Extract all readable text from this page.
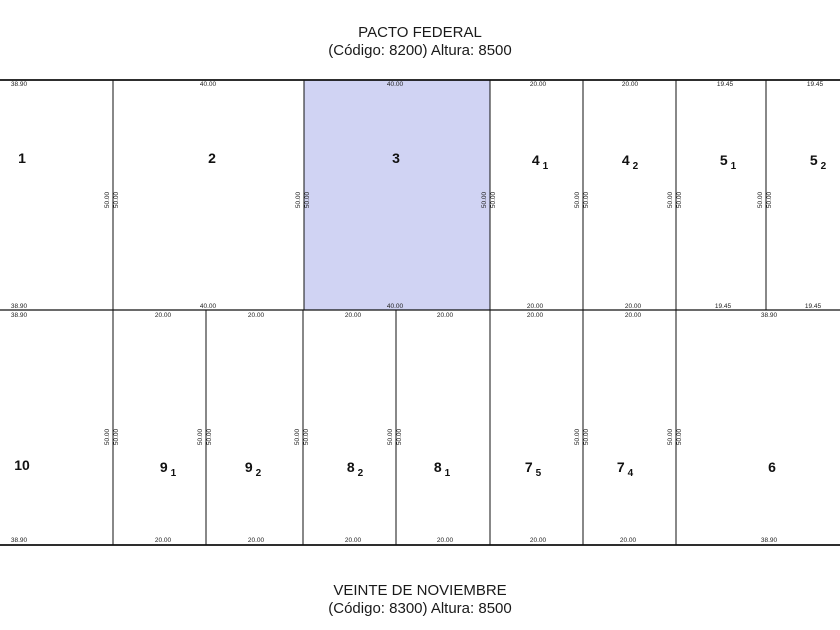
PACTO FEDERAL
(Código: 8200) Altura: 8500
1	2	3	4 $_1$	4 $_2$	5 $_1$	5 $_2$
10	9 $_1$	9 $_2$	8 $_2$	8 $_1$	7 $_5$	7 $_4$	6
38.90	40.00	40.00	20.00	20.00	19.45	19.45
38.90	40.00	40.00	20.00	20.00	19.45	19.45
38.90	20.00	20.00	20.00	20.00	20.00	20.00	38.90
38.90	20.00	20.00	20.00	20.00	20.00	20.00	38.90
50.00 50.00	50.00 50.00	50.00 50.00	50.00 50.00	50.00 50.00	50.00 50.00
50.00 50.00	50.00 50.00	50.00 50.00	50.00 50.00	50.00 50.00	50.00 50.00
VEINTE DE NOVIEMBRE
(Código: 8300) Altura: 8500
